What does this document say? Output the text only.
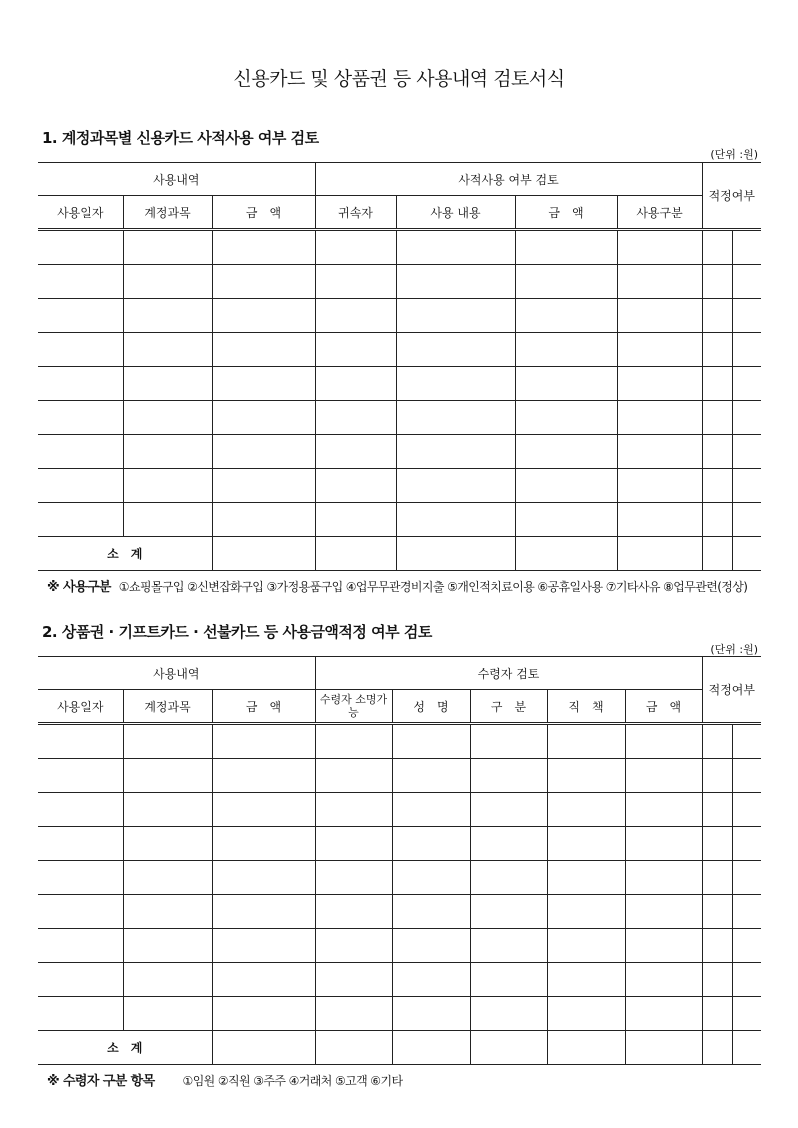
신용카드 및 상품권 등 사용내역 검토서식
1. 계정과목별 신용카드 사적사용 여부 검토
(단위 :원)
사용내역			사적사용 여부 검토				적정여부	
사용일자	계정과목	금　액	귀속자	사용 내용	금　액	사용구분		

소　계								
※ 사용구분 ①쇼핑몰구입 ②신변잡화구입 ③가정용품구입 ④업무무관경비지출 ⑤개인적치료이용 ⑥공휴일사용 ⑦기타사유 ⑧업무관련(정상)
2. 상품권 · 기프트카드 · 선불카드 등 사용금액적정 여부 검토
(단위 :원)
사용내역			수령자 검토					적정여부	
사용일자	계정과목	금　액	수령자 소명가능	성　명	구　분	직　책	금　액		

소　계									
※ 수령자 구분 항목 ①임원 ②직원 ③주주 ④거래처 ⑤고객 ⑥기타
